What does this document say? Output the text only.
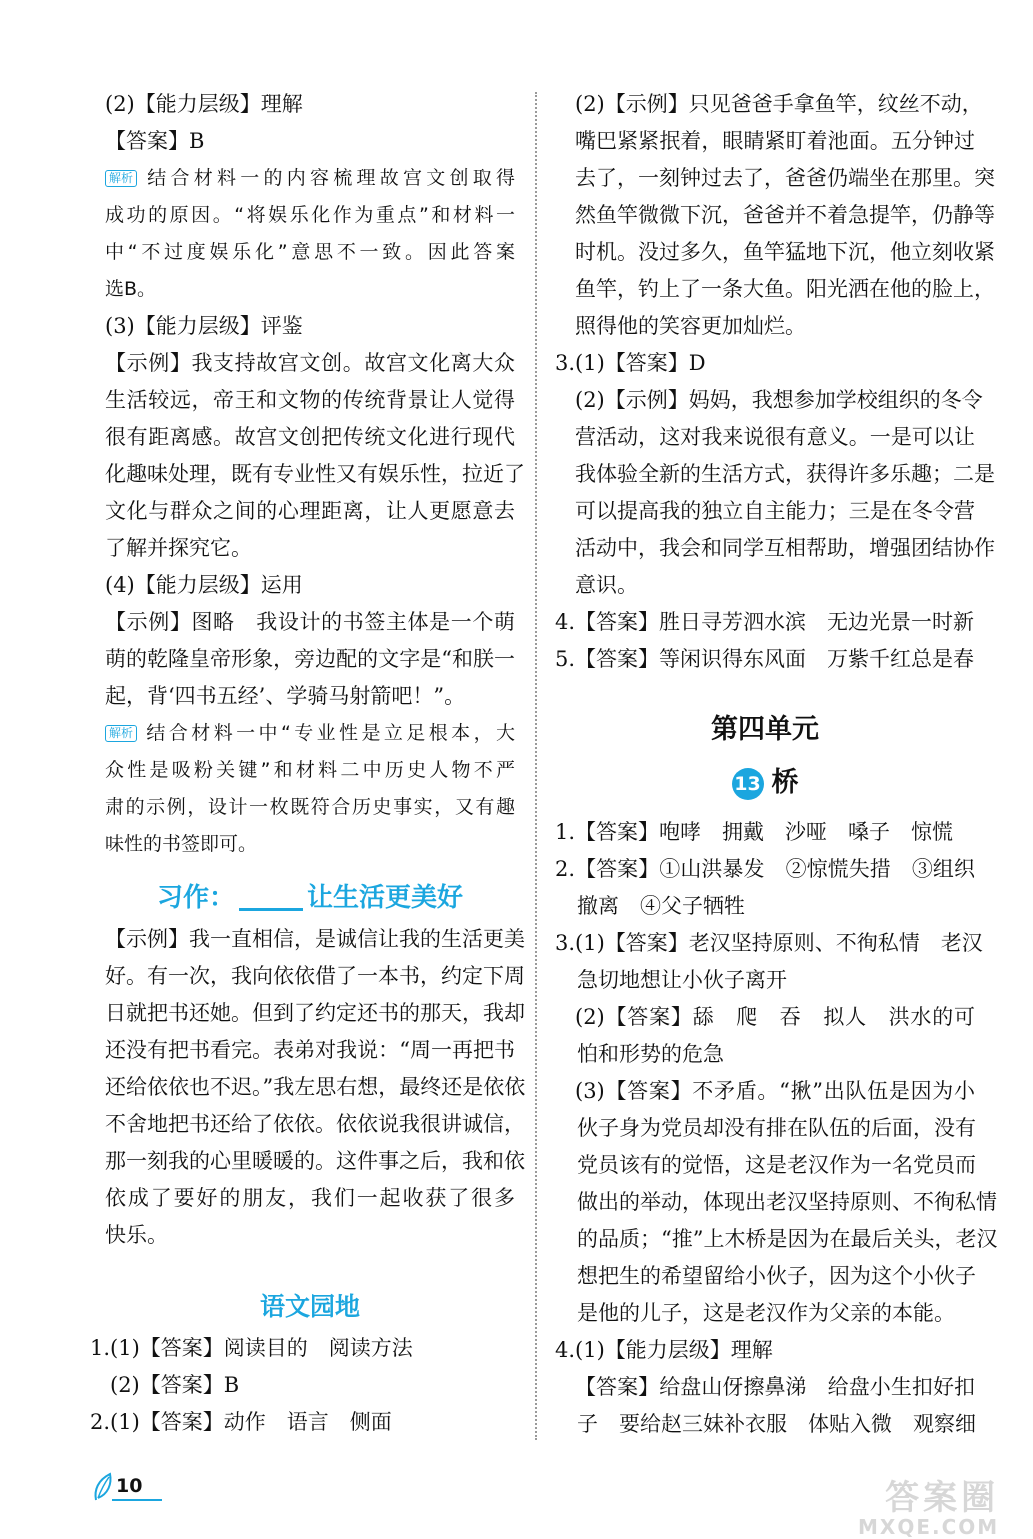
(2)【能力层级】理解
【答案】B
解析 结合材料一的内容梳理故宫文创取得
成功的原因。“将娱乐化作为重点”和材料一
中“不过度娱乐化”意思不一致。因此答案
选B。
(3)【能力层级】评鉴
【示例】我支持故宫文创。故宫文化离大众
生活较远，帝王和文物的传统背景让人觉得
很有距离感。故宫文创把传统文化进行现代
化趣味处理，既有专业性又有娱乐性，拉近了
文化与群众之间的心理距离，让人更愿意去
了解并探究它。
(4)【能力层级】运用
【示例】图略　我设计的书签主体是一个萌
萌的乾隆皇帝形象，旁边配的文字是“和朕一
起，背‘四书五经’、学骑马射箭吧！”。
解析 结合材料一中“专业性是立足根本，大
众性是吸粉关键”和材料二中历史人物不严
肃的示例，设计一枚既符合历史事实，又有趣
味性的书签即可。
习作：	让生活更美好
【示例】我一直相信，是诚信让我的生活更美
好。有一次，我向依依借了一本书，约定下周
日就把书还她。但到了约定还书的那天，我却
还没有把书看完。表弟对我说：“周一再把书
还给依依也不迟。”我左思右想，最终还是依依
不舍地把书还给了依依。依依说我很讲诚信，
那一刻我的心里暖暖的。这件事之后，我和依
依成了要好的朋友，我们一起收获了很多
快乐。
语文园地
1.(1)【答案】阅读目的　阅读方法
(2)【答案】B
2.(1)【答案】动作　语言　侧面
(2)【示例】只见爸爸手拿鱼竿，纹丝不动，
嘴巴紧紧抿着，眼睛紧盯着池面。五分钟过
去了，一刻钟过去了，爸爸仍端坐在那里。突
然鱼竿微微下沉，爸爸并不着急提竿，仍静等
时机。没过多久，鱼竿猛地下沉，他立刻收紧
鱼竿，钓上了一条大鱼。阳光洒在他的脸上，
照得他的笑容更加灿烂。
3.(1)【答案】D
(2)【示例】妈妈，我想参加学校组织的冬令
营活动，这对我来说很有意义。一是可以让
我体验全新的生活方式，获得许多乐趣；二是
可以提高我的独立自主能力；三是在冬令营
活动中，我会和同学互相帮助，增强团结协作
意识。
4.【答案】胜日寻芳泗水滨　无边光景一时新
5.【答案】等闲识得东风面　万紫千红总是春
第四单元
13 桥
1.【答案】咆哮　拥戴　沙哑　嗓子　惊慌
2.【答案】①山洪暴发　②惊慌失措　③组织
撤离　④父子牺牲
3.(1)【答案】老汉坚持原则、不徇私情　老汉
急切地想让小伙子离开
(2)【答案】舔　爬　吞　拟人　洪水的可
怕和形势的危急
(3)【答案】不矛盾。“揪”出队伍是因为小
伙子身为党员却没有排在队伍的后面，没有
党员该有的觉悟，这是老汉作为一名党员而
做出的举动，体现出老汉坚持原则、不徇私情
的品质；“推”上木桥是因为在最后关头，老汉
想把生的希望留给小伙子，因为这个小伙子
是他的儿子，这是老汉作为父亲的本能。
4.(1)【能力层级】理解
【答案】给盘山伢擦鼻涕　给盘小生扣好扣
子　要给赵三妹补衣服　体贴入微　观察细
10	答案圈
MXQE.COM
